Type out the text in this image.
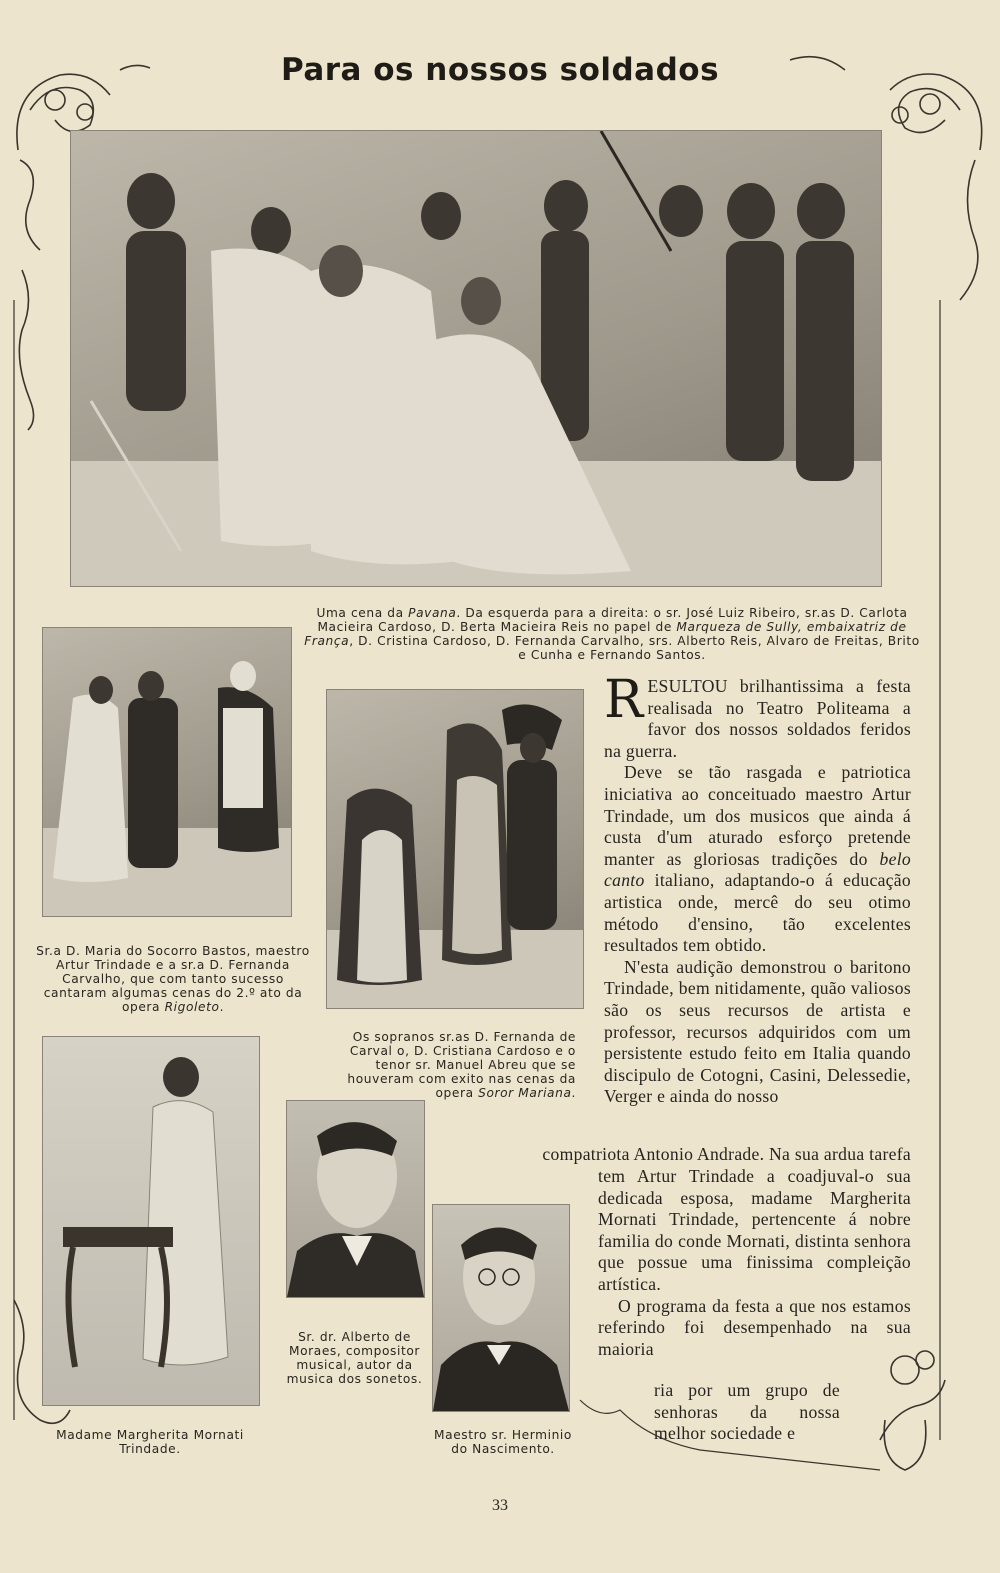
Para os nossos soldados

Uma cena da Pavana. Da esquerda para a direita: o sr. José Luiz Ribeiro, sr.as D. Carlota Macieira Cardoso, D. Berta Macieira Reis no papel de Marqueza de Sully, embaixatriz de França, D. Cristina Cardoso, D. Fernanda Carvalho, srs. Alberto Reis, Alvaro de Freitas, Brito e Cunha e Fernando Santos.

Sr.a D. Maria do Socorro Bastos, maestro Artur Trindade e a sr.a D. Fernanda Carvalho, que com tanto sucesso cantaram algumas cenas do 2.º ato da opera Rigoleto.

Os sopranos sr.as D. Fernanda de Carval o, D. Cristiana Cardoso e o tenor sr. Manuel Abreu que se houveram com exito nas cenas da opera Soror Mariana.

Madame Margherita Mornati Trindade.

Sr. dr. Alberto de Moraes, compositor musical, autor da musica dos sonetos.

Maestro sr. Herminio do Nascimento.

RESULTOU brilhantissima a festa realisada no Teatro Politeama a favor dos nossos soldados feridos na guerra.

Deve se tão rasgada e patriotica iniciativa ao conceituado maestro Artur Trindade, um dos musicos que ainda á custa d'um aturado esforço pretende manter as gloriosas tradições do belo canto italiano, adaptando-o á educação artistica onde, mercê do seu otimo método d'ensino, tão excelentes resultados tem obtido.

N'esta audição demonstrou o baritono Trindade, bem nitidamente, quão valiosos são os seus recursos de artista e professor, recursos adquiridos com um persistente estudo feito em Italia quando discipulo de Cotogni, Casini, Delessedie, Verger e ainda do nosso

compatriota Antonio Andrade. Na sua ardua tarefa

tem Artur Trindade a coadjuval-o sua dedicada esposa, madame Margherita Mornati Trindade, pertencente á nobre familia do conde Mornati, distinta senhora que possue uma finissima compleição artística.

O programa da festa a que nos estamos referindo foi desempenhado na sua maioria

ria por um grupo de senhoras da nossa melhor sociedade e
33
